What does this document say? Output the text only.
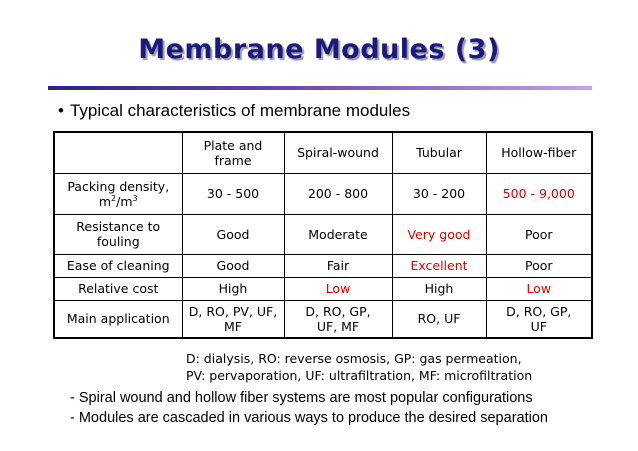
Membrane Modules (3)
• Typical characteristics of membrane modules

	Plate and frame	Spiral-wound	Tubular	Hollow-fiber
Packing density,
$m^2/m^3$	30 - 500	200 - 800	30 - 200	500 - 9,000

Resistance to fouling	Good	Moderate	Very good	Poor
Ease of cleaning	Good	Fair	Excellent	Poor
Relative cost	High	Low	High	Low
Main application	D, RO, PV, UF, MF	D, RO, GP, UF, MF	RO, UF	D, RO, GP, UF
D: dialysis, RO: reverse osmosis, GP: gas permeation,
PV: pervaporation, UF: ultrafiltration, MF: microfiltration
- Spiral wound and hollow fiber systems are most popular configurations
- Modules are cascaded in various ways to produce the desired separation
